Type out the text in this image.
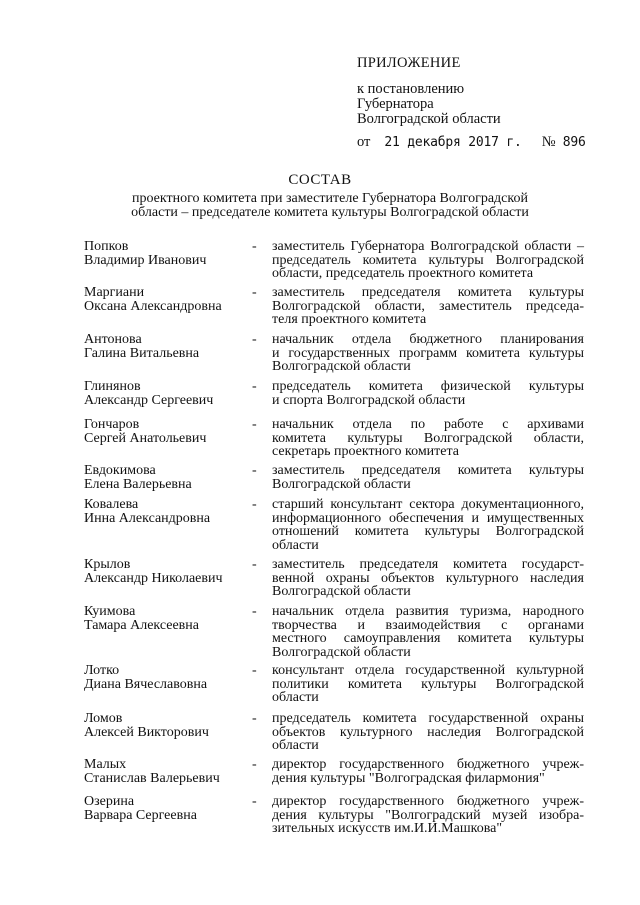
ПРИЛОЖЕНИЕ
к постановлению
Губернатора
Волгоградской области
от 21 декабря 2017 г. № 896
СОСТАВ
проектного комитета при заместителе Губернатора Волгоградской
области – председателе комитета культуры Волгоградской области
Попков
Владимир Иванович
- заместитель Губернатора Волгоградской области –
председатель комитета культуры Волгоградской
области, председатель проектного комитета
Маргиани
Оксана Александровна
- заместитель председателя комитета культуры
Волгоградской области, заместитель председа-
теля проектного комитета
Антонова
Галина Витальевна
- начальник отдела бюджетного планирования
и государственных программ комитета культуры
Волгоградской области
Глинянов
Александр Сергеевич
- председатель комитета физической культуры
и спорта Волгоградской области
Гончаров
Сергей Анатольевич
- начальник отдела по работе с архивами
комитета культуры Волгоградской области,
секретарь проектного комитета
Евдокимова
Елена Валерьевна
- заместитель председателя комитета культуры
Волгоградской области
Ковалева
Инна Александровна
- старший консультант сектора документационного,
информационного обеспечения и имущественных
отношений комитета культуры Волгоградской
области
Крылов
Александр Николаевич
- заместитель председателя комитета государст-
венной охраны объектов культурного наследия
Волгоградской области
Куимова
Тамара Алексеевна
- начальник отдела развития туризма, народного
творчества и взаимодействия с органами
местного самоуправления комитета культуры
Волгоградской области
Лотко
Диана Вячеславовна
- консультант отдела государственной культурной
политики комитета культуры Волгоградской
области
Ломов
Алексей Викторович
- председатель комитета государственной охраны
объектов культурного наследия Волгоградской
области
Малых
Станислав Валерьевич
- директор государственного бюджетного учреж-
дения культуры "Волгоградская филармония"
Озерина
Варвара Сергеевна
- директор государственного бюджетного учреж-
дения культуры "Волгоградский музей изобра-
зительных искусств им.И.И.Машкова"
